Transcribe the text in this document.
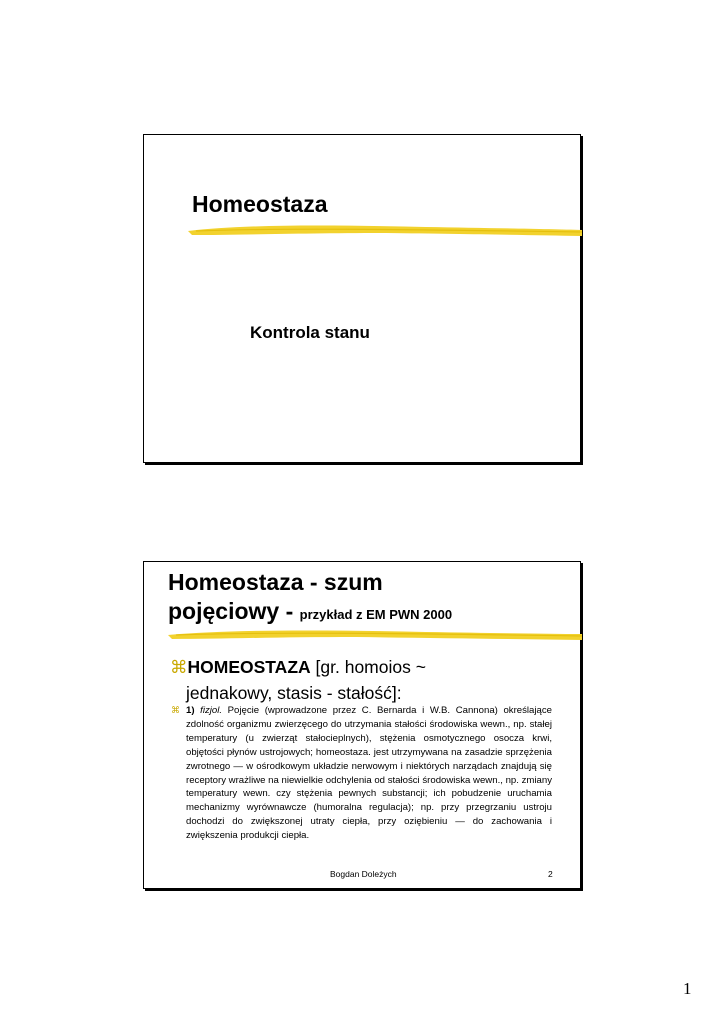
Homeostaza
Kontrola stanu
Homeostaza - szum
pojęciowy - przykład z EM PWN 2000
⌘HOMEOSTAZA [gr. homoios ~
jednakowy, stasis - stałość]:
⌘ 1) fizjol. Pojęcie (wprowadzone przez C. Bernarda i W.B. Cannona) określające zdolność organizmu zwierzęcego do utrzymania stałości środowiska wewn., np. stałej temperatury (u zwierząt stałocieplnych), stężenia osmotycznego osocza krwi, objętości płynów ustrojowych; homeostaza. jest utrzymywana na zasadzie sprzężenia zwrotnego — w ośrodkowym układzie nerwowym i niektórych narządach znajdują się receptory wrażliwe na niewielkie odchylenia od stałości środowiska wewn., np. zmiany temperatury wewn. czy stężenia pewnych substancji; ich pobudzenie uruchamia mechanizmy wyrównawcze (humoralna regulacja); np. przy przegrzaniu ustroju dochodzi do zwiększonej utraty ciepła, przy oziębieniu — do zachowania i zwiększenia produkcji ciepła.
Bogdan Doleżych	2
1
